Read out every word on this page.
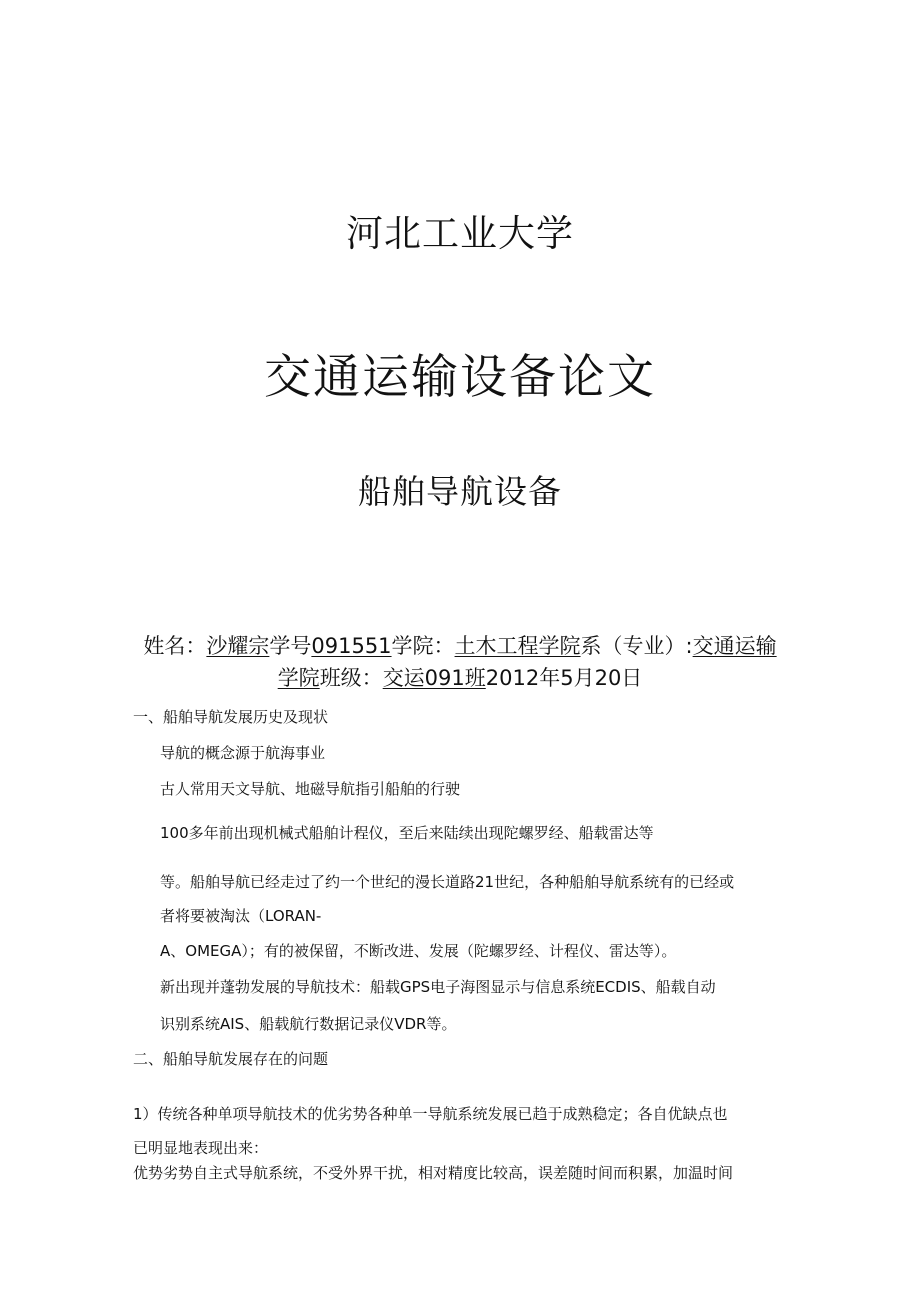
河北工业大学
交通运输设备论文
船舶导航设备
姓名：沙耀宗学号091551学院：土木工程学院系（专业）:交通运输
学院班级：交运091班2012年5月20日
一、船舶导航发展历史及现状
导航的概念源于航海事业
古人常用天文导航、地磁导航指引船舶的行驶
100多年前出现机械式船舶计程仪，至后来陆续出现陀螺罗经、船载雷达等
等。船舶导航已经走过了约一个世纪的漫长道路21世纪，各种船舶导航系统有的已经或
者将要被淘汰（LORAN-
A、OMEGA）；有的被保留，不断改进、发展（陀螺罗经、计程仪、雷达等）。
新出现并蓬勃发展的导航技术：船载GPS电子海图显示与信息系统ECDIS、船载自动
识别系统AIS、船载航行数据记录仪VDR等。
二、船舶导航发展存在的问题
1）传统各种单项导航技术的优劣势各种单一导航系统发展已趋于成熟稳定；各自优缺点也
已明显地表现出来：
优势劣势自主式导航系统，不受外界干扰，相对精度比较高，误差随时间而积累，加温时间
